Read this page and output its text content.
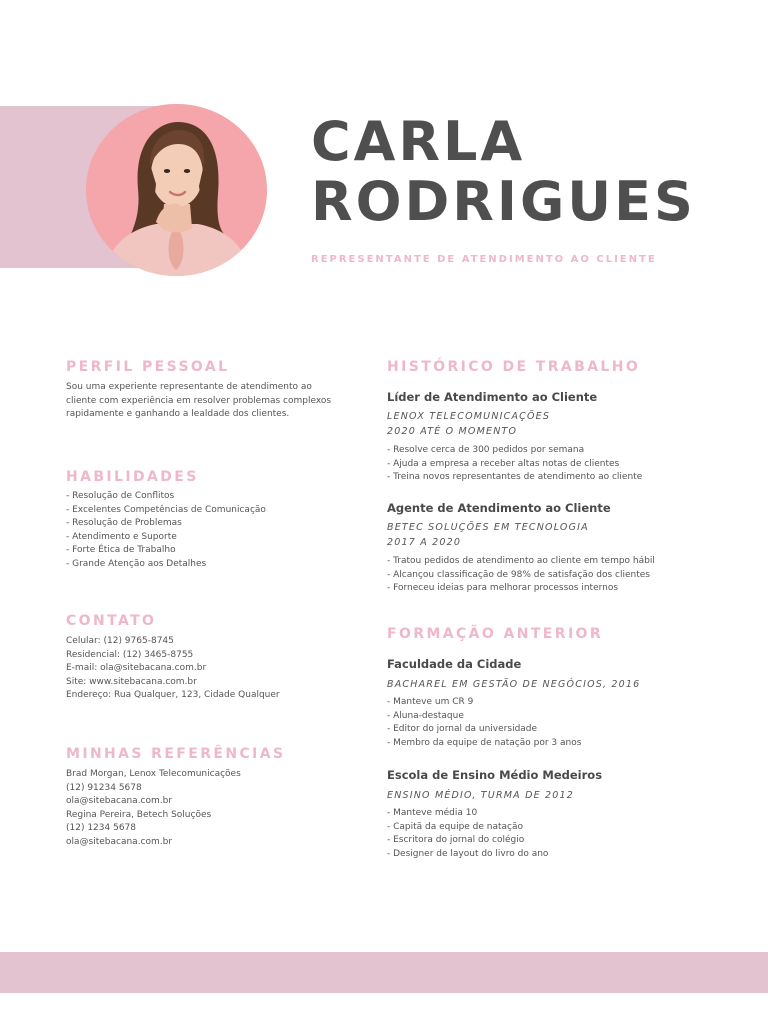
CARLA
RODRIGUES
REPRESENTANTE DE ATENDIMENTO AO CLIENTE
PERFIL PESSOAL
Sou uma experiente representante de atendimento ao
cliente com experiência em resolver problemas complexos
rapidamente e ganhando a lealdade dos clientes.
HABILIDADES
- Resolução de Conflitos
- Excelentes Competências de Comunicação
- Resolução de Problemas
- Atendimento e Suporte
- Forte Ética de Trabalho
- Grande Atenção aos Detalhes
CONTATO
Celular: (12) 9765-8745
Residencial: (12) 3465-8755
E-mail: ola@sitebacana.com.br
Site: www.sitebacana.com.br
Endereço: Rua Qualquer, 123, Cidade Qualquer
MINHAS REFERÊNCIAS
Brad Morgan, Lenox Telecomunicações
(12) 91234 5678
ola@sitebacana.com.br
Regina Pereira, Betech Soluções
(12) 1234 5678
ola@sitebacana.com.br
HISTÓRICO DE TRABALHO
Líder de Atendimento ao Cliente
LENOX TELECOMUNICAÇÕES
2020 ATÉ O MOMENTO
- Resolve cerca de 300 pedidos por semana
- Ajuda a empresa a receber altas notas de clientes
- Treina novos representantes de atendimento ao cliente
Agente de Atendimento ao Cliente
BETEC SOLUÇÕES EM TECNOLOGIA
2017 A 2020
- Tratou pedidos de atendimento ao cliente em tempo hábil
- Alcançou classificação de 98% de satisfação dos clientes
- Forneceu ideias para melhorar processos internos
FORMAÇÃO ANTERIOR
Faculdade da Cidade
BACHAREL EM GESTÃO DE NEGÓCIOS, 2016
- Manteve um CR 9
- Aluna-destaque
- Editor do jornal da universidade
- Membro da equipe de natação por 3 anos
Escola de Ensino Médio Medeiros
ENSINO MÉDIO, TURMA DE 2012
- Manteve média 10
- Capitã da equipe de natação
- Escritora do jornal do colégio
- Designer de layout do livro do ano
